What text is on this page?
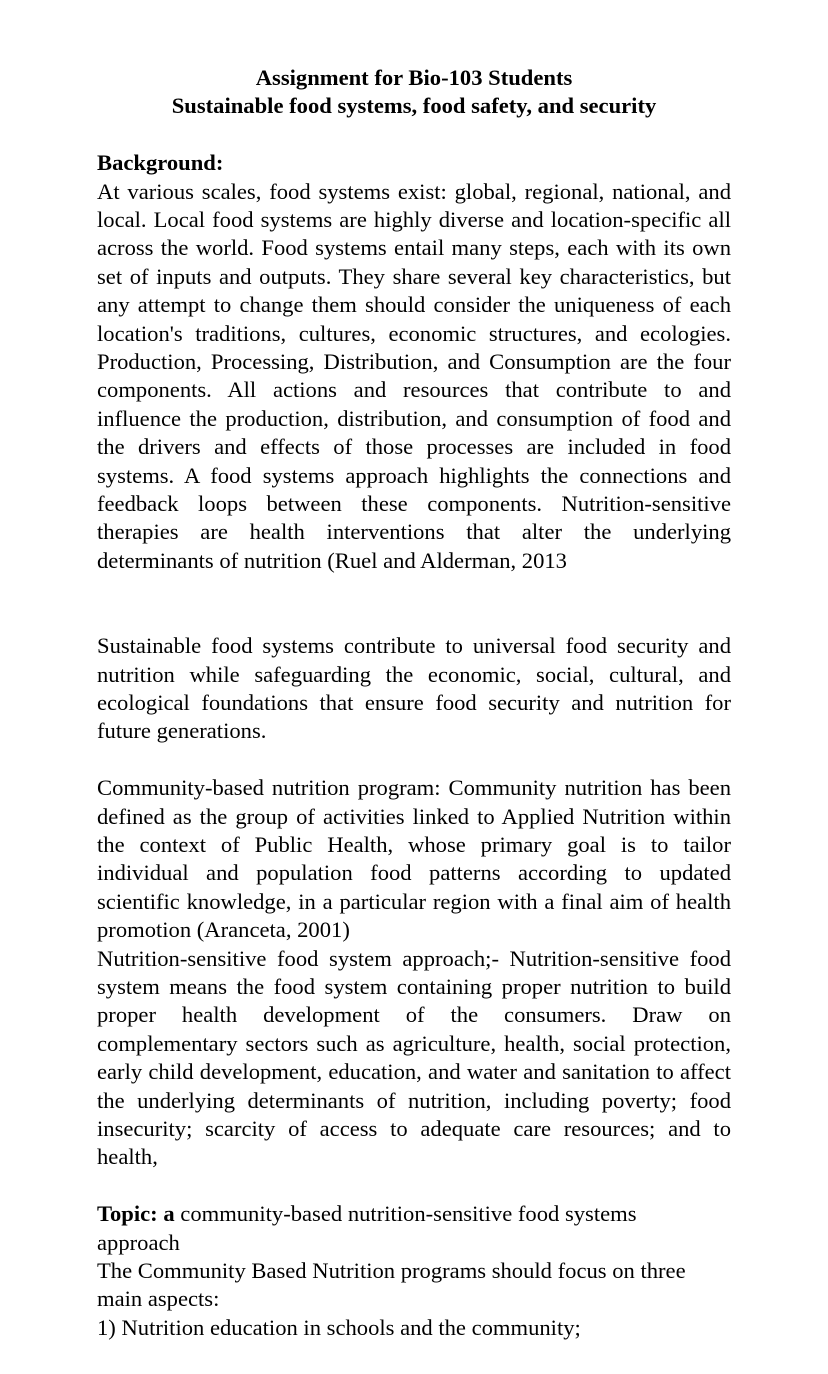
Assignment for Bio-103 Students

Sustainable food systems, food safety, and security

Background:

At various scales, food systems exist: global, regional, national, and local. Local food systems are highly diverse and location-specific all across the world. Food systems entail many steps, each with its own set of inputs and outputs. They share several key characteristics, but any attempt to change them should consider the uniqueness of each location's traditions, cultures, economic structures, and ecologies. Production, Processing, Distribution, and Consumption are the four components. All actions and resources that contribute to and influence the production, distribution, and consumption of food and the drivers and effects of those processes are included in food systems. A food systems approach highlights the connections and feedback loops between these components. Nutrition-sensitive therapies are health interventions that alter the underlying determinants of nutrition (Ruel and Alderman, 2013

Sustainable food systems contribute to universal food security and nutrition while safeguarding the economic, social, cultural, and ecological foundations that ensure food security and nutrition for future generations.

Community-based nutrition program: Community nutrition has been defined as the group of activities linked to Applied Nutrition within the context of Public Health, whose primary goal is to tailor individual and population food patterns according to updated scientific knowledge, in a particular region with a final aim of health promotion (Aranceta, 2001)

Nutrition-sensitive food system approach;- Nutrition-sensitive food system means the food system containing proper nutrition to build proper health development of the consumers. Draw on complementary sectors such as agriculture, health, social protection, early child development, education, and water and sanitation to affect the underlying determinants of nutrition, including poverty; food insecurity; scarcity of access to adequate care resources; and to health,

Topic: a community-based nutrition-sensitive food systems approach

The Community Based Nutrition programs should focus on three main aspects:

1) Nutrition education in schools and the community;
